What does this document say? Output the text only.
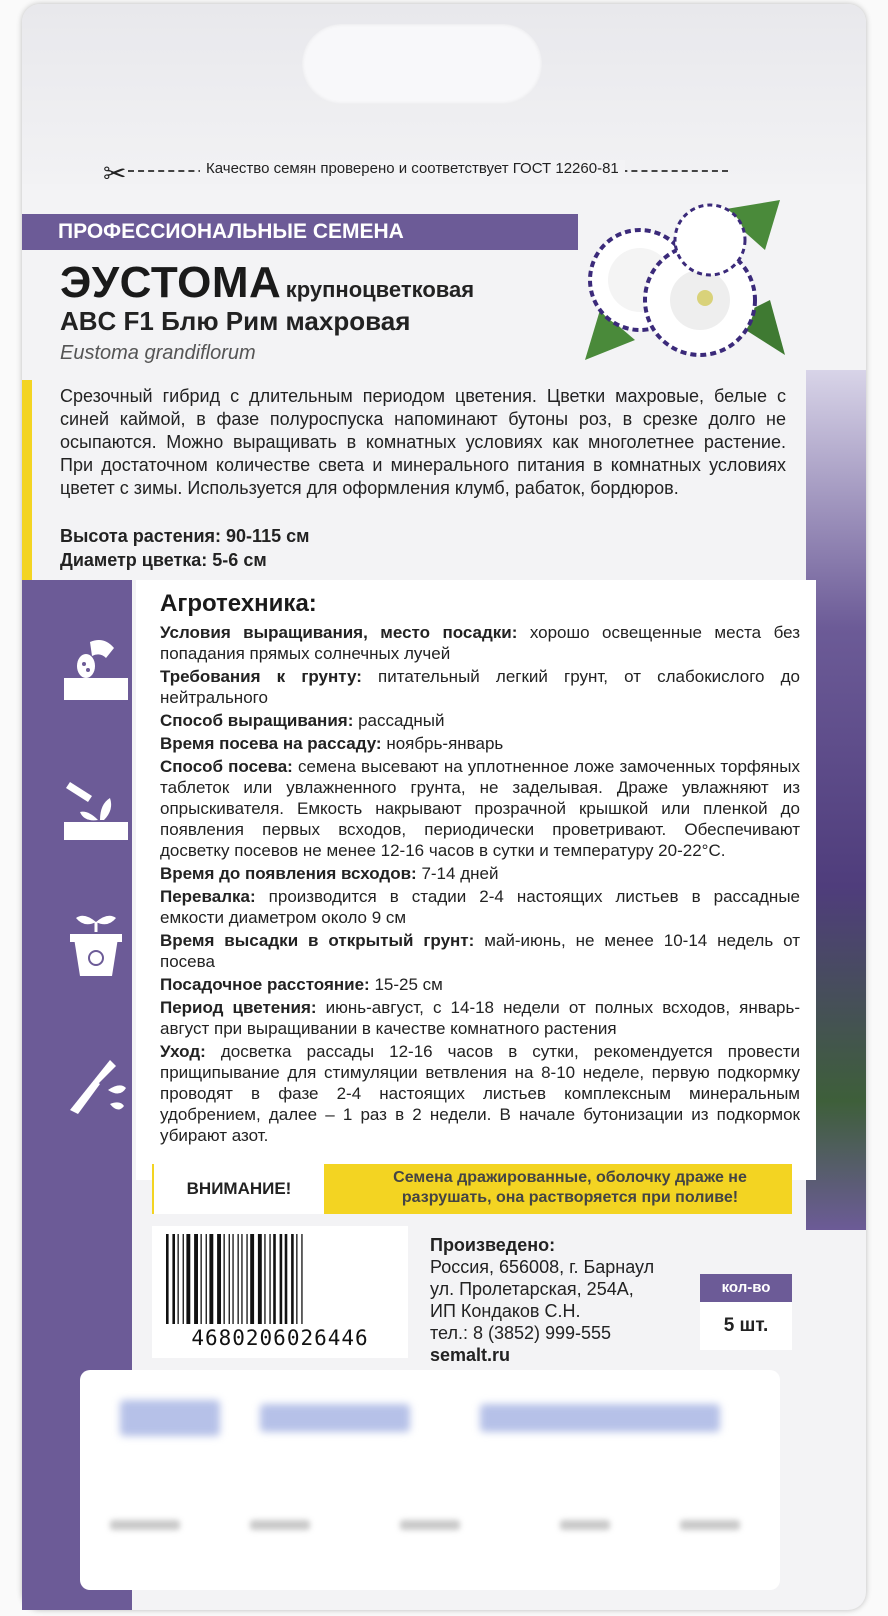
✂	Качество семян проверено и соответствует ГОСТ 12260-81
ПРОФЕССИОНАЛЬНЫЕ СЕМЕНА
ЭУСТОМА крупноцветковая
ABC F1 Блю Рим махровая
Eustoma grandiflorum
Срезочный гибрид с длительным периодом цветения. Цветки махровые, белые с синей каймой, в фазе полуроспуска напоминают бутоны роз, в срезке долго не осыпаются. Можно выращивать в комнатных условиях как многолетнее растение. При достаточном количестве света и минерального питания в комнатных условиях цветет с зимы. Используется для оформления клумб, рабаток, бордюров.
Высота растения: 90-115 см
Диаметр цветка: 5-6 см
Агротехника:

Условия выращивания, место посадки: хорошо освещенные места без попадания прямых солнечных лучей

Требования к грунту: питательный легкий грунт, от слабокислого до нейтрального

Способ выращивания: рассадный

Время посева на рассаду: ноябрь-январь

Способ посева: семена высевают на уплотненное ложе замоченных торфяных таблеток или увлажненного грунта, не заделывая. Драже увлажняют из опрыскивателя. Емкость накрывают прозрачной крышкой или пленкой до появления первых всходов, периодически проветривают. Обеспечивают досветку посевов не менее 12-16 часов в сутки и температуру 20-22°С.

Время до появления всходов: 7-14 дней

Перевалка: производится в стадии 2-4 настоящих листьев в рассадные емкости диаметром около 9 см

Время высадки в открытый грунт: май-июнь, не менее 10-14 недель от посева

Посадочное расстояние: 15-25 см

Период цветения: июнь-август, с 14-18 недели от полных всходов, январь-август при выращивании в качестве комнатного растения

Уход: досветка рассады 12-16 часов в сутки, рекомендуется провести прищипывание для стимуляции ветвления на 8-10 неделе, первую подкормку проводят в фазе 2-4 настоящих листьев комплексным минеральным удобрением, далее – 1 раз в 2 недели. В начале бутонизации из подкормок убирают азот.

ВНИМАНИЕ!
Семена дражированные, оболочку драже не разрушать, она растворяется при поливе!
4680206026446
Произведено:
Россия, 656008, г. Барнаул
ул. Пролетарская, 254А,
ИП Кондаков С.Н.
тел.: 8 (3852) 999-555
semalt.ru
кол-во
5 шт.
